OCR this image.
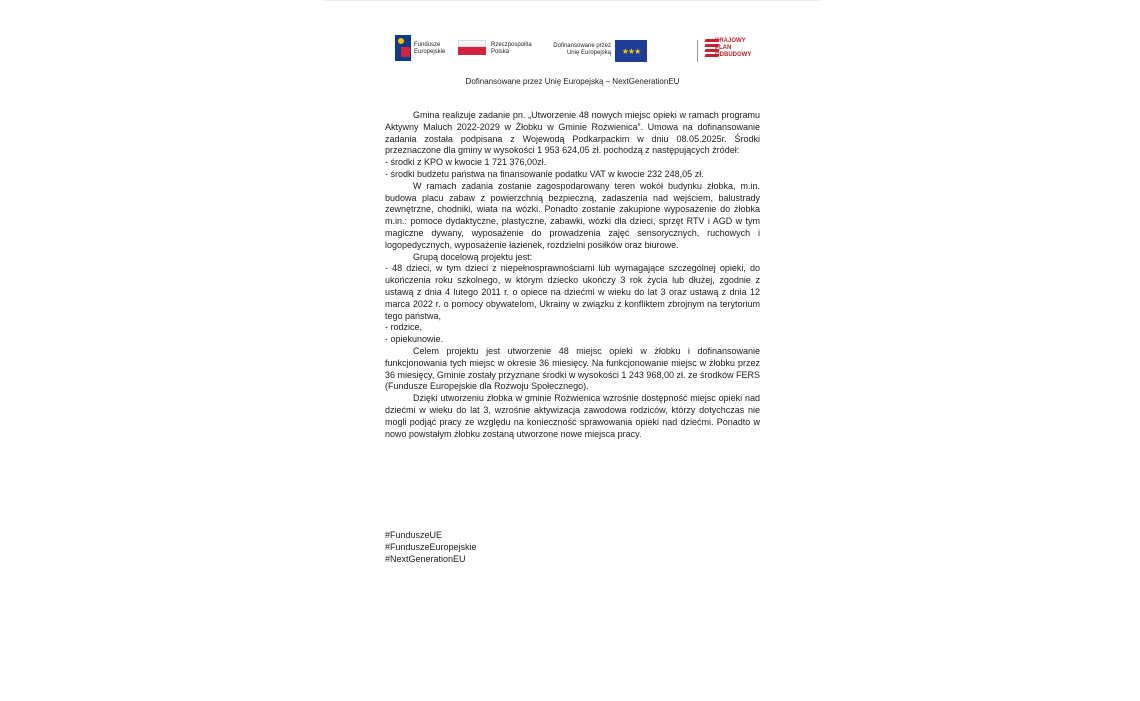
Fundusze
Europejskie
Rzeczpospolita
Polska
Dofinansowane przez
Unię Europejską	★★★
KRAJOWY
PLAN
ODBUDOWY
Dofinansowane przez Unię Europejską – NextGenerationEU

Gmina realizuje zadanie pn. „Utworzenie 48 nowych miejsc opieki w ramach programu Aktywny Maluch 2022-2029 w Żłobku w Gminie Rożwienica”. Umowa na dofinansowanie zadania została podpisana z Wojewodą Podkarpackim w dniu 08.05.2025r. Środki przeznaczone dla gminy w wysokości 1 953 624,05 zł. pochodzą z następujących źródeł:

- środki z KPO w kwocie 1 721 376,00zł.

- środki budżetu państwa na finansowanie podatku VAT w kwocie 232 248,05 zł.

W ramach zadania zostanie zagospodarowany teren wokół budynku żłobka, m.in. budowa placu zabaw z powierzchnią bezpieczną, zadaszenia nad wejściem, balustrady zewnętrzne, chodniki, wiata na wózki. Ponadto zostanie zakupione wyposażenie do żłobka m.in.: pomoce dydaktyczne, plastyczne, zabawki, wózki dla dzieci, sprzęt RTV i AGD w tym magiczne dywany, wyposażenie do prowadzenia zajęć sensorycznych, ruchowych i logopedycznych, wyposażenie łazienek, rozdzielni posiłków oraz biurowe.

Grupą docelową projektu jest:

- 48 dzieci, w tym dzieci z niepełnosprawnościami lub wymagające szczególnej opieki, do ukończenia roku szkolnego, w którym dziecko ukończy 3 rok życia lub dłużej, zgodnie z ustawą z dnia 4 lutego 2011 r. o opiece na dziećmi w wieku do lat 3 oraz ustawą z dnia 12 marca 2022 r. o pomocy obywatelom, Ukrainy w związku z konfliktem zbrojnym na terytorium tego państwa,

- rodzice,

- opiekunowie.

Celem projektu jest utworzenie 48 miejsc opieki w żłobku i dofinansowanie funkcjonowania tych miejsc w okresie 36 miesięcy. Na funkcjonowanie miejsc w żłobku przez 36 miesięcy, Gminie zostały przyznane środki w wysokości 1 243 968,00 zł. ze środków FERS (Fundusze Europejskie dla Rozwoju Społecznego).

Dzięki utworzeniu żłobka w gminie Rożwienica wzrośnie dostępność miejsc opieki nad dziećmi w wieku do lat 3, wzrośnie aktywizacja zawodowa rodziców, którzy dotychczas nie mogli podjąć pracy ze względu na konieczność sprawowania opieki nad dziećmi. Ponadto w nowo powstałym żłobku zostaną utworzone nowe miejsca pracy.

#FunduszeUE
#FunduszeEuropejskie
#NextGenerationEU
